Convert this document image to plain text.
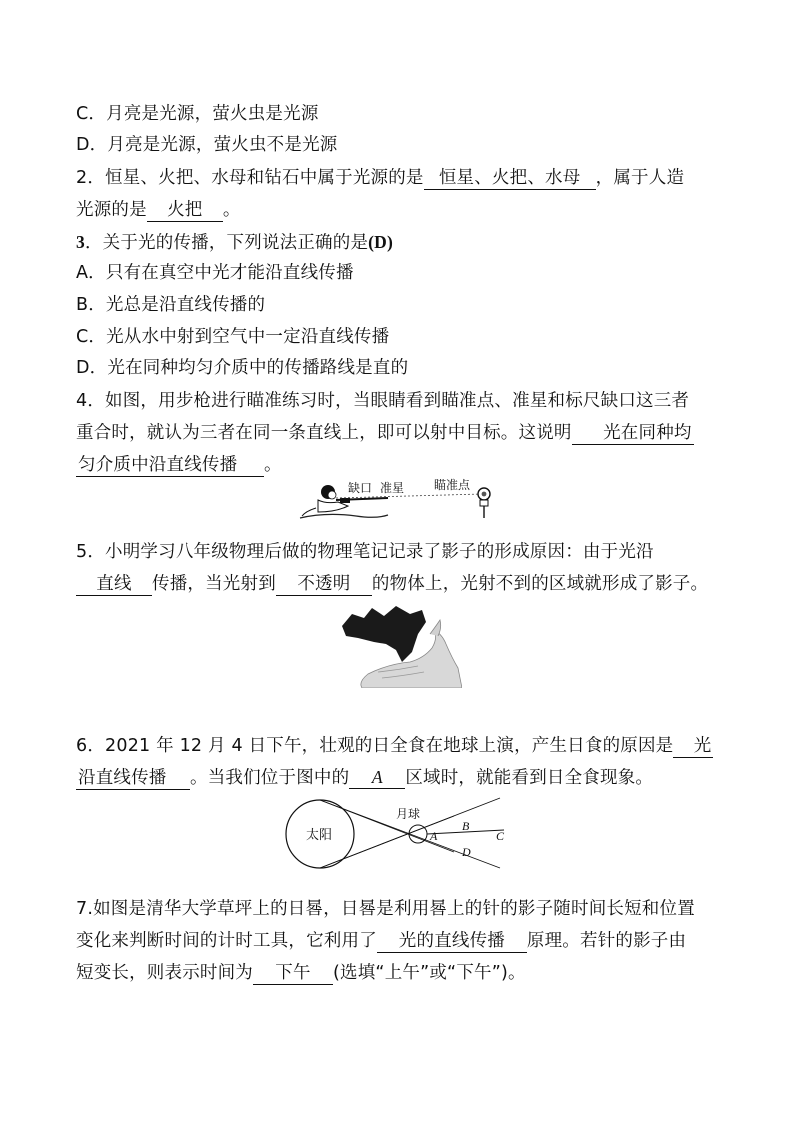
C．月亮是光源，萤火虫是光源
D．月亮是光源，萤火虫不是光源
2．恒星、火把、水母和钻石中属于光源的是 恒星、火把、水母 ，属于人造
光源的是 火把 。
3．关于光的传播，下列说法正确的是(D)
A．只有在真空中光才能沿直线传播
B．光总是沿直线传播的
C．光从水中射到空气中一定沿直线传播
D．光在同种均匀介质中的传播路线是直的
4．如图，用步枪进行瞄准练习时，当眼睛看到瞄准点、准星和标尺缺口这三者
重合时，就认为三者在同一条直线上，即可以射中目标。这说明 光在同种均
匀介质中沿直线传播 。
缺口 准星 瞄准点
5．小明学习八年级物理后做的物理笔记记录了影子的形成原因：由于光沿
直线 传播，当光射到 不透明 的物体上，光射不到的区域就形成了影子。
6．2021 年 12 月 4 日下午，壮观的日全食在地球上演，产生日食的原因是 光
沿直线传播 。当我们位于图中的 A 区域时，就能看到日全食现象。
太阳
月球
A
B
C
D
7.如图是清华大学草坪上的日晷，日晷是利用晷上的针的影子随时间长短和位置
变化来判断时间的计时工具，它利用了 光的直线传播 原理。若针的影子由
短变长，则表示时间为 下午 (选填“上午”或“下午”)。
